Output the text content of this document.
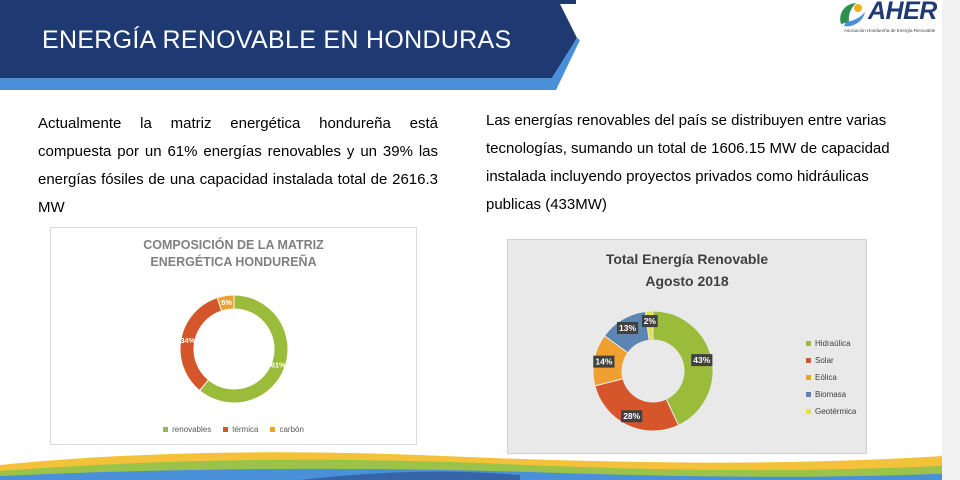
ENERGÍA RENOVABLE EN HONDURAS
AHER
Asociación Hondureña de Energía Renovable

Actualmente la matriz energética hondureña está compuesta por un 61% energías renovables y un 39% las energías fósiles de una capacidad instalada total de 2616.3 MW

Las energías renovables del país se distribuyen entre varias tecnologías, sumando un total de 1606.15 MW de capacidad instalada incluyendo proyectos privados como hidráulicas publicas (433MW)

COMPOSICIÓN DE LA MATRIZ
ENERGÉTICA HONDUREÑA
61%
34%
5%
renovables	térmica	carbón
Total Energía Renovable
Agosto 2018
43%
28%
14%
13%
2%
Hidraúlica
Solar
Eólica
Biomasa
Geotérmica
